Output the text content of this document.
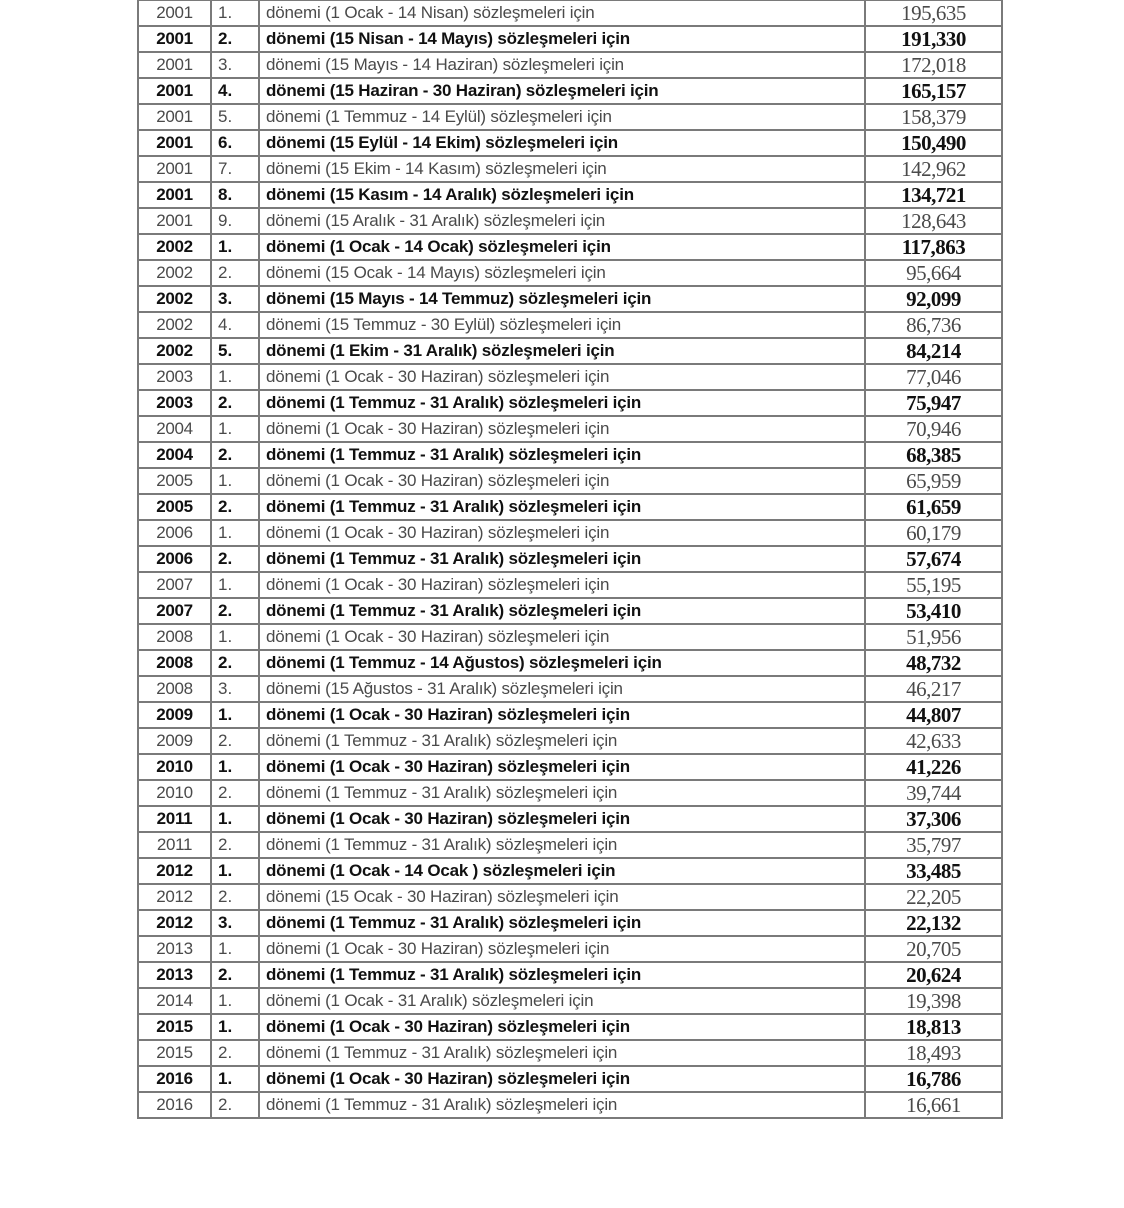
2001	1.	dönemi (1 Ocak - 14 Nisan) sözleşmeleri için	195,635
2001	2.	dönemi (15 Nisan - 14 Mayıs) sözleşmeleri için	191,330
2001	3.	dönemi (15 Mayıs - 14 Haziran) sözleşmeleri için	172,018
2001	4.	dönemi (15 Haziran - 30 Haziran) sözleşmeleri için	165,157
2001	5.	dönemi (1 Temmuz - 14 Eylül) sözleşmeleri için	158,379
2001	6.	dönemi (15 Eylül - 14 Ekim) sözleşmeleri için	150,490
2001	7.	dönemi (15 Ekim - 14 Kasım) sözleşmeleri için	142,962
2001	8.	dönemi (15 Kasım - 14 Aralık) sözleşmeleri için	134,721
2001	9.	dönemi (15 Aralık - 31 Aralık) sözleşmeleri için	128,643
2002	1.	dönemi (1 Ocak - 14 Ocak) sözleşmeleri için	117,863
2002	2.	dönemi (15 Ocak - 14 Mayıs) sözleşmeleri için	95,664
2002	3.	dönemi (15 Mayıs - 14 Temmuz) sözleşmeleri için	92,099
2002	4.	dönemi (15 Temmuz - 30 Eylül) sözleşmeleri için	86,736
2002	5.	dönemi (1 Ekim - 31 Aralık) sözleşmeleri için	84,214
2003	1.	dönemi (1 Ocak - 30 Haziran) sözleşmeleri için	77,046
2003	2.	dönemi (1 Temmuz - 31 Aralık) sözleşmeleri için	75,947
2004	1.	dönemi (1 Ocak - 30 Haziran) sözleşmeleri için	70,946
2004	2.	dönemi (1 Temmuz - 31 Aralık) sözleşmeleri için	68,385
2005	1.	dönemi (1 Ocak - 30 Haziran) sözleşmeleri için	65,959
2005	2.	dönemi (1 Temmuz - 31 Aralık) sözleşmeleri için	61,659
2006	1.	dönemi (1 Ocak - 30 Haziran) sözleşmeleri için	60,179
2006	2.	dönemi (1 Temmuz - 31 Aralık) sözleşmeleri için	57,674
2007	1.	dönemi (1 Ocak - 30 Haziran) sözleşmeleri için	55,195
2007	2.	dönemi (1 Temmuz - 31 Aralık) sözleşmeleri için	53,410
2008	1.	dönemi (1 Ocak - 30 Haziran) sözleşmeleri için	51,956
2008	2.	dönemi (1 Temmuz - 14 Ağustos) sözleşmeleri için	48,732
2008	3.	dönemi (15 Ağustos - 31 Aralık) sözleşmeleri için	46,217
2009	1.	dönemi (1 Ocak - 30 Haziran) sözleşmeleri için	44,807
2009	2.	dönemi (1 Temmuz - 31 Aralık) sözleşmeleri için	42,633
2010	1.	dönemi (1 Ocak - 30 Haziran) sözleşmeleri için	41,226
2010	2.	dönemi (1 Temmuz - 31 Aralık) sözleşmeleri için	39,744
2011	1.	dönemi (1 Ocak - 30 Haziran) sözleşmeleri için	37,306
2011	2.	dönemi (1 Temmuz - 31 Aralık) sözleşmeleri için	35,797
2012	1.	dönemi (1 Ocak - 14 Ocak ) sözleşmeleri için	33,485
2012	2.	dönemi (15 Ocak - 30 Haziran) sözleşmeleri için	22,205
2012	3.	dönemi (1 Temmuz - 31 Aralık) sözleşmeleri için	22,132
2013	1.	dönemi (1 Ocak - 30 Haziran) sözleşmeleri için	20,705
2013	2.	dönemi (1 Temmuz - 31 Aralık) sözleşmeleri için	20,624
2014	1.	dönemi (1 Ocak - 31 Aralık) sözleşmeleri için	19,398
2015	1.	dönemi (1 Ocak - 30 Haziran) sözleşmeleri için	18,813
2015	2.	dönemi (1 Temmuz - 31 Aralık) sözleşmeleri için	18,493
2016	1.	dönemi (1 Ocak - 30 Haziran) sözleşmeleri için	16,786
2016	2.	dönemi (1 Temmuz - 31 Aralık) sözleşmeleri için	16,661
